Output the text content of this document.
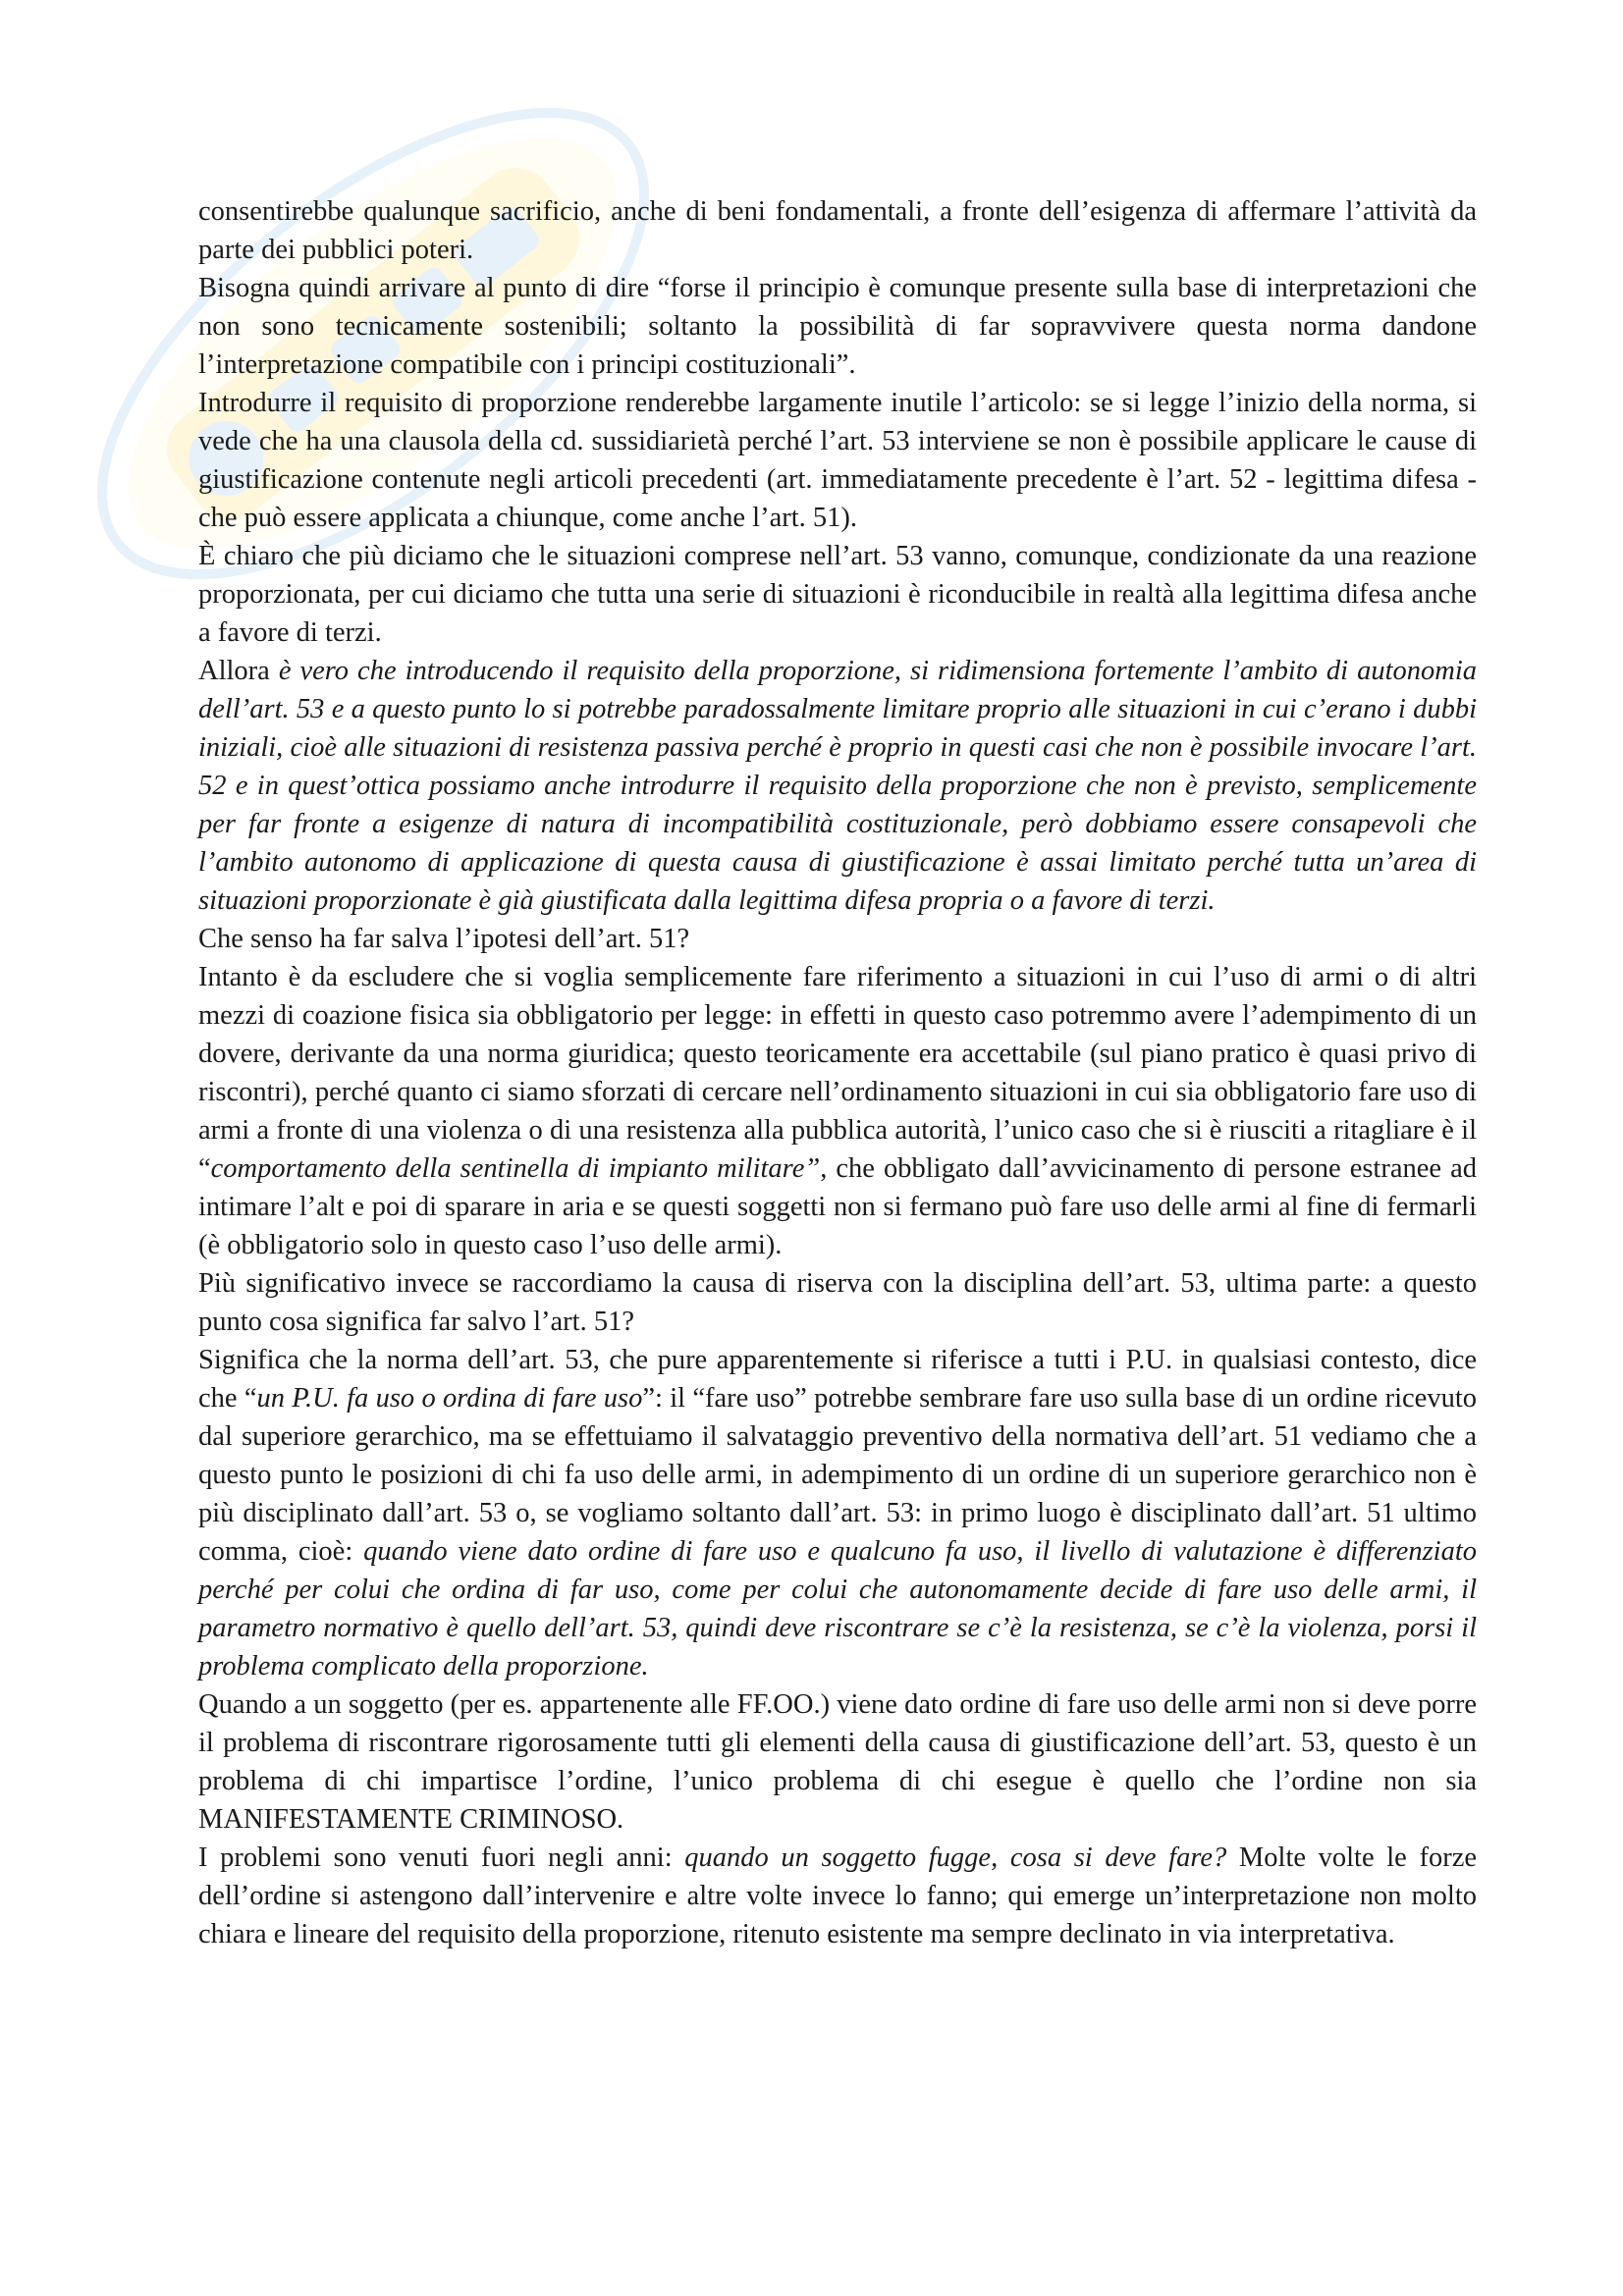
consentirebbe qualunque sacrificio, anche di beni fondamentali, a fronte dell’esigenza di affermare l’attività da parte dei pubblici poteri.

Bisogna quindi arrivare al punto di dire “forse il principio è comunque presente sulla base di interpretazioni che non sono tecnicamente sostenibili; soltanto la possibilità di far sopravvivere questa norma dandone l’interpretazione compatibile con i principi costituzionali”.

Introdurre il requisito di proporzione renderebbe largamente inutile l’articolo: se si legge l’inizio della norma, si vede che ha una clausola della cd. sussidiarietà perché l’art. 53 interviene se non è possibile applicare le cause di giustificazione contenute negli articoli precedenti (art. immediatamente precedente è l’art. 52 - legittima difesa - che può essere applicata a chiunque, come anche l’art. 51).

È chiaro che più diciamo che le situazioni comprese nell’art. 53 vanno, comunque, condizionate da una reazione proporzionata, per cui diciamo che tutta una serie di situazioni è riconducibile in realtà alla legittima difesa anche a favore di terzi.

Allora è vero che introducendo il requisito della proporzione, si ridimensiona fortemente l’ambito di autonomia dell’art. 53 e a questo punto lo si potrebbe paradossalmente limitare proprio alle situazioni in cui c’erano i dubbi iniziali, cioè alle situazioni di resistenza passiva perché è proprio in questi casi che non è possibile invocare l’art. 52 e in quest’ottica possiamo anche introdurre il requisito della proporzione che non è previsto, semplicemente per far fronte a esigenze di natura di incompatibilità costituzionale, però dobbiamo essere consapevoli che l’ambito autonomo di applicazione di questa causa di giustificazione è assai limitato perché tutta un’area di situazioni proporzionate è già giustificata dalla legittima difesa propria o a favore di terzi.

Che senso ha far salva l’ipotesi dell’art. 51?

Intanto è da escludere che si voglia semplicemente fare riferimento a situazioni in cui l’uso di armi o di altri mezzi di coazione fisica sia obbligatorio per legge: in effetti in questo caso potremmo avere l’adempimento di un dovere, derivante da una norma giuridica; questo teoricamente era accettabile (sul piano pratico è quasi privo di riscontri), perché quanto ci siamo sforzati di cercare nell’ordinamento situazioni in cui sia obbligatorio fare uso di armi a fronte di una violenza o di una resistenza alla pubblica autorità, l’unico caso che si è riusciti a ritagliare è il “comportamento della sentinella di impianto militare”, che obbligato dall’avvicinamento di persone estranee ad intimare l’alt e poi di sparare in aria e se questi soggetti non si fermano può fare uso delle armi al fine di fermarli (è obbligatorio solo in questo caso l’uso delle armi).

Più significativo invece se raccordiamo la causa di riserva con la disciplina dell’art. 53, ultima parte: a questo punto cosa significa far salvo l’art. 51?

Significa che la norma dell’art. 53, che pure apparentemente si riferisce a tutti i P.U. in qualsiasi contesto, dice che “un P.U. fa uso o ordina di fare uso”: il “fare uso” potrebbe sembrare fare uso sulla base di un ordine ricevuto dal superiore gerarchico, ma se effettuiamo il salvataggio preventivo della normativa dell’art. 51 vediamo che a questo punto le posizioni di chi fa uso delle armi, in adempimento di un ordine di un superiore gerarchico non è più disciplinato dall’art. 53 o, se vogliamo soltanto dall’art. 53: in primo luogo è disciplinato dall’art. 51 ultimo comma, cioè: quando viene dato ordine di fare uso e qualcuno fa uso, il livello di valutazione è differenziato perché per colui che ordina di far uso, come per colui che autonomamente decide di fare uso delle armi, il parametro normativo è quello dell’art. 53, quindi deve riscontrare se c’è la resistenza, se c’è la violenza, porsi il problema complicato della proporzione.

Quando a un soggetto (per es. appartenente alle FF.OO.) viene dato ordine di fare uso delle armi non si deve porre il problema di riscontrare rigorosamente tutti gli elementi della causa di giustificazione dell’art. 53, questo è un problema di chi impartisce l’ordine, l’unico problema di chi esegue è quello che l’ordine non sia MANIFESTAMENTE CRIMINOSO.

I problemi sono venuti fuori negli anni: quando un soggetto fugge, cosa si deve fare? Molte volte le forze dell’ordine si astengono dall’intervenire e altre volte invece lo fanno; qui emerge un’interpretazione non molto chiara e lineare del requisito della proporzione, ritenuto esistente ma sempre declinato in via interpretativa.
